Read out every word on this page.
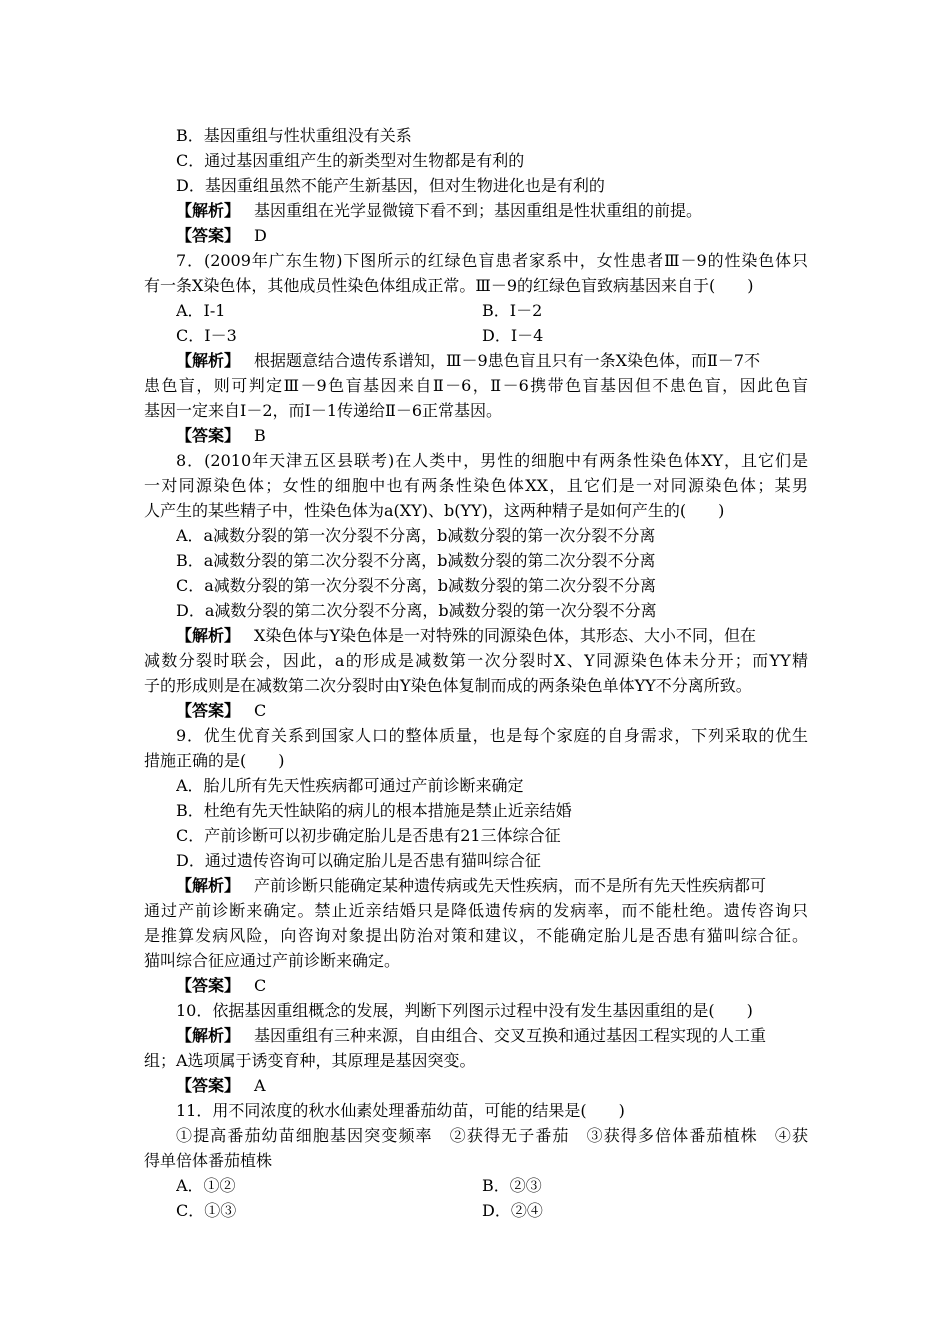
B．基因重组与性状重组没有关系
C．通过基因重组产生的新类型对生物都是有利的
D．基因重组虽然不能产生新基因，但对生物进化也是有利的
【解析】 基因重组在光学显微镜下看不到；基因重组是性状重组的前提。
【答案】 D
7．(2009年广东生物)下图所示的红绿色盲患者家系中，女性患者Ⅲ－9的性染色体只
有一条X染色体，其他成员性染色体组成正常。Ⅲ－9的红绿色盲致病基因来自于(　　)
A．Ⅰ-1	B．Ⅰ－2
C．Ⅰ－3	D．Ⅰ－4
【解析】 根据题意结合遗传系谱知，Ⅲ－9患色盲且只有一条X染色体，而Ⅱ－7不
患色盲，则可判定Ⅲ－9色盲基因来自Ⅱ－6，Ⅱ－6携带色盲基因但不患色盲，因此色盲
基因一定来自Ⅰ－2，而Ⅰ－1传递给Ⅱ－6正常基因。
【答案】 B
8．(2010年天津五区县联考)在人类中，男性的细胞中有两条性染色体XY，且它们是
一对同源染色体；女性的细胞中也有两条性染色体XX，且它们是一对同源染色体；某男
人产生的某些精子中，性染色体为a(XY)、b(YY)，这两种精子是如何产生的(　　)
A．a减数分裂的第一次分裂不分离，b减数分裂的第一次分裂不分离
B．a减数分裂的第二次分裂不分离，b减数分裂的第二次分裂不分离
C．a减数分裂的第一次分裂不分离，b减数分裂的第二次分裂不分离
D．a减数分裂的第二次分裂不分离，b减数分裂的第一次分裂不分离
【解析】 X染色体与Y染色体是一对特殊的同源染色体，其形态、大小不同，但在
减数分裂时联会，因此，a的形成是减数第一次分裂时X、Y同源染色体未分开；而YY精
子的形成则是在减数第二次分裂时由Y染色体复制而成的两条染色单体YY不分离所致。
【答案】 C
9．优生优育关系到国家人口的整体质量，也是每个家庭的自身需求，下列采取的优生
措施正确的是(　　)
A．胎儿所有先天性疾病都可通过产前诊断来确定
B．杜绝有先天性缺陷的病儿的根本措施是禁止近亲结婚
C．产前诊断可以初步确定胎儿是否患有21三体综合征
D．通过遗传咨询可以确定胎儿是否患有猫叫综合征
【解析】 产前诊断只能确定某种遗传病或先天性疾病，而不是所有先天性疾病都可
通过产前诊断来确定。禁止近亲结婚只是降低遗传病的发病率，而不能杜绝。遗传咨询只
是推算发病风险，向咨询对象提出防治对策和建议，不能确定胎儿是否患有猫叫综合征。
猫叫综合征应通过产前诊断来确定。
【答案】 C
10．依据基因重组概念的发展，判断下列图示过程中没有发生基因重组的是(　　)
【解析】 基因重组有三种来源，自由组合、交叉互换和通过基因工程实现的人工重
组；A选项属于诱变育种，其原理是基因突变。
【答案】 A
11．用不同浓度的秋水仙素处理番茄幼苗，可能的结果是(　　)
①提高番茄幼苗细胞基因突变频率　②获得无子番茄　③获得多倍体番茄植株　④获
得单倍体番茄植株
A．①②	B．②③
C．①③	D．②④
